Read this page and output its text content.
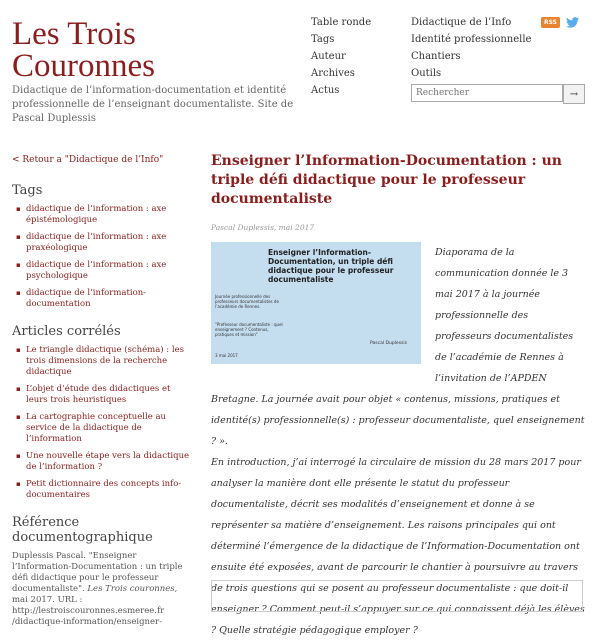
Les Trois Couronnes
Didactique de l’information-documentation et identité professionnelle de l’enseignant documentaliste. Site de Pascal Duplessis
Table ronde
Tags
Auteur
Archives
Actus
Didactique de l’Info
Identité professionnelle
Chantiers
Outils
RSS
Rechercher
→
< Retour a "Didactique de l’Info"
Tags
▪ didactique de l’information : axe épistémologique
▪ didactique de l’information : axe praxéologique
▪ didactique de l’information : axe psychologique
▪ didactique de l’information-documentation
Articles corrélés
▪ Le triangle didactique (schéma) : les trois dimensions de la recherche didactique
▪ L’objet d’étude des didactiques et leurs trois heuristiques
▪ La cartographie conceptuelle au service de la didactique de l’information
▪ Une nouvelle étape vers la didactique de l’information ?
▪ Petit dictionnaire des concepts info-documentaires
Référence documentographique
Duplessis Pascal. "Enseigner l’Information-Documentation : un triple défi didactique pour le professeur documentaliste". Les Trois couronnes, mai 2017. URL : http://lestroiscouronnes.esmeree.fr /didactique-information/enseigner-
Enseigner l’Information-Documentation : un triple défi didactique pour le professeur documentaliste
Pascal Duplessis, mai 2017
Enseigner l’Information-Documentation, un triple défi didactique pour le professeur documentaliste
Journée professionnelle des professeurs documentalistes de l’académie de Rennes.
"Professeur documentaliste : quel enseignement ? Contenus, pratiques et mission"
Pascal Duplessis
3 mai 2017
Diaporama de la communication donnée le 3 mai 2017 à la journée professionnelle des professeurs documentalistes de l’académie de Rennes à l’invitation de l’APDEN Bretagne. La journée avait pour objet « contenus, missions, pratiques et identité(s) professionnelle(s) : professeur documentaliste, quel enseignement ? ».
En introduction, j’ai interrogé la circulaire de mission du 28 mars 2017 pour analyser la manière dont elle présente le statut du professeur documentaliste, décrit ses modalités d’enseignement et donne à se représenter sa matière d’enseignement. Les raisons principales qui ont déterminé l’émergence de la didactique de l’Information-Documentation ont ensuite été exposées, avant de parcourir le chantier à poursuivre au travers de trois questions qui se posent au professeur documentaliste : que doit-il enseigner ? Comment peut-il s’appuyer sur ce qui connaissent déjà les élèves ? Quelle stratégie pédagogique employer ?
